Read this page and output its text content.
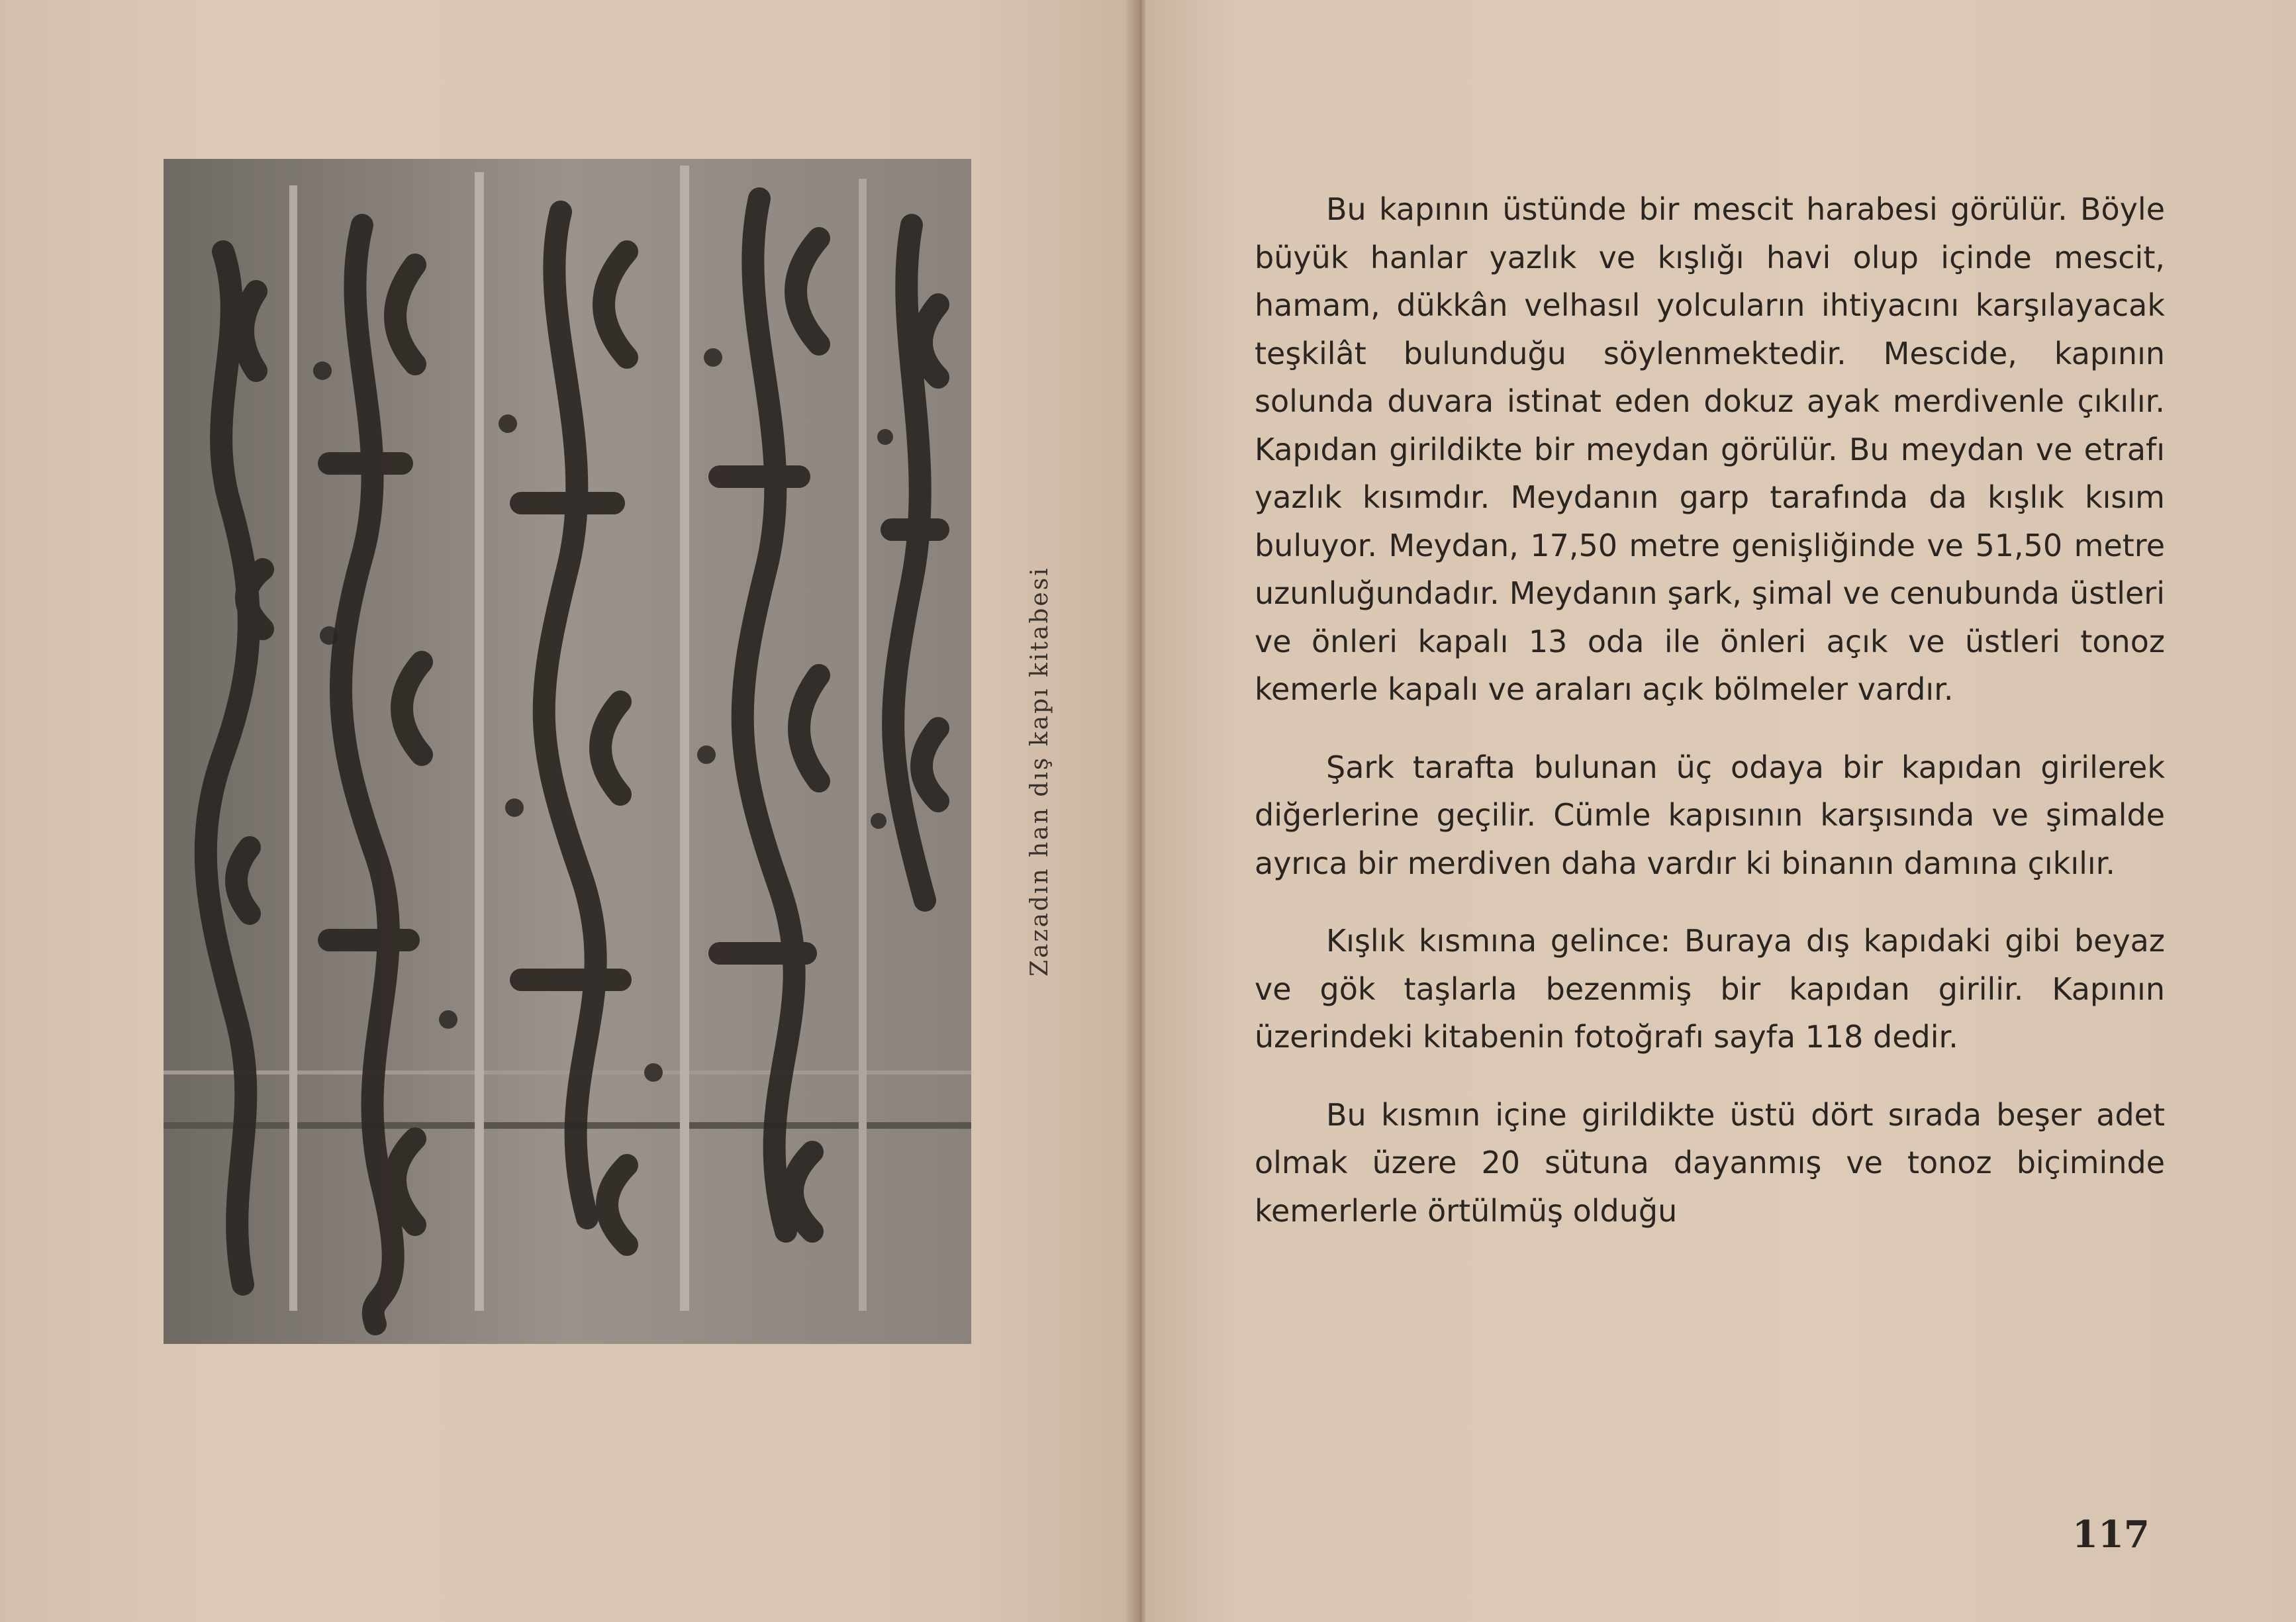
Zazadın han dış kapı kitabesi

Bu kapının üstünde bir mescit harabesi görülür. Böyle büyük hanlar yazlık ve kışlığı havi olup içinde mescit, hamam, dükkân velhasıl yolcuların ihtiyacını karşılayacak teşkilât bulunduğu söylenmektedir. Mescide, kapının solunda duvara istinat eden dokuz ayak merdivenle çıkılır. Kapıdan girildikte bir meydan görülür. Bu meydan ve etrafı yazlık kısımdır. Meydanın garp tarafında da kışlık kısım buluyor. Meydan, 17,50 metre genişliğinde ve 51,50 metre uzunluğundadır. Meydanın şark, şimal ve cenubunda üstleri ve önleri kapalı 13 oda ile önleri açık ve üstleri tonoz kemerle kapalı ve araları açık bölmeler vardır.

Şark tarafta bulunan üç odaya bir kapıdan girilerek diğerlerine geçilir. Cümle kapısının karşısında ve şimalde ayrıca bir merdiven daha vardır ki binanın damına çıkılır.

Kışlık kısmına gelince: Buraya dış kapıdaki gibi beyaz ve gök taşlarla bezenmiş bir kapıdan girilir. Kapının üzerindeki kitabenin fotoğrafı sayfa 118 dedir.

Bu kısmın içine girildikte üstü dört sırada beşer adet olmak üzere 20 sütuna dayanmış ve tonoz biçiminde kemerlerle örtülmüş olduğu

117
